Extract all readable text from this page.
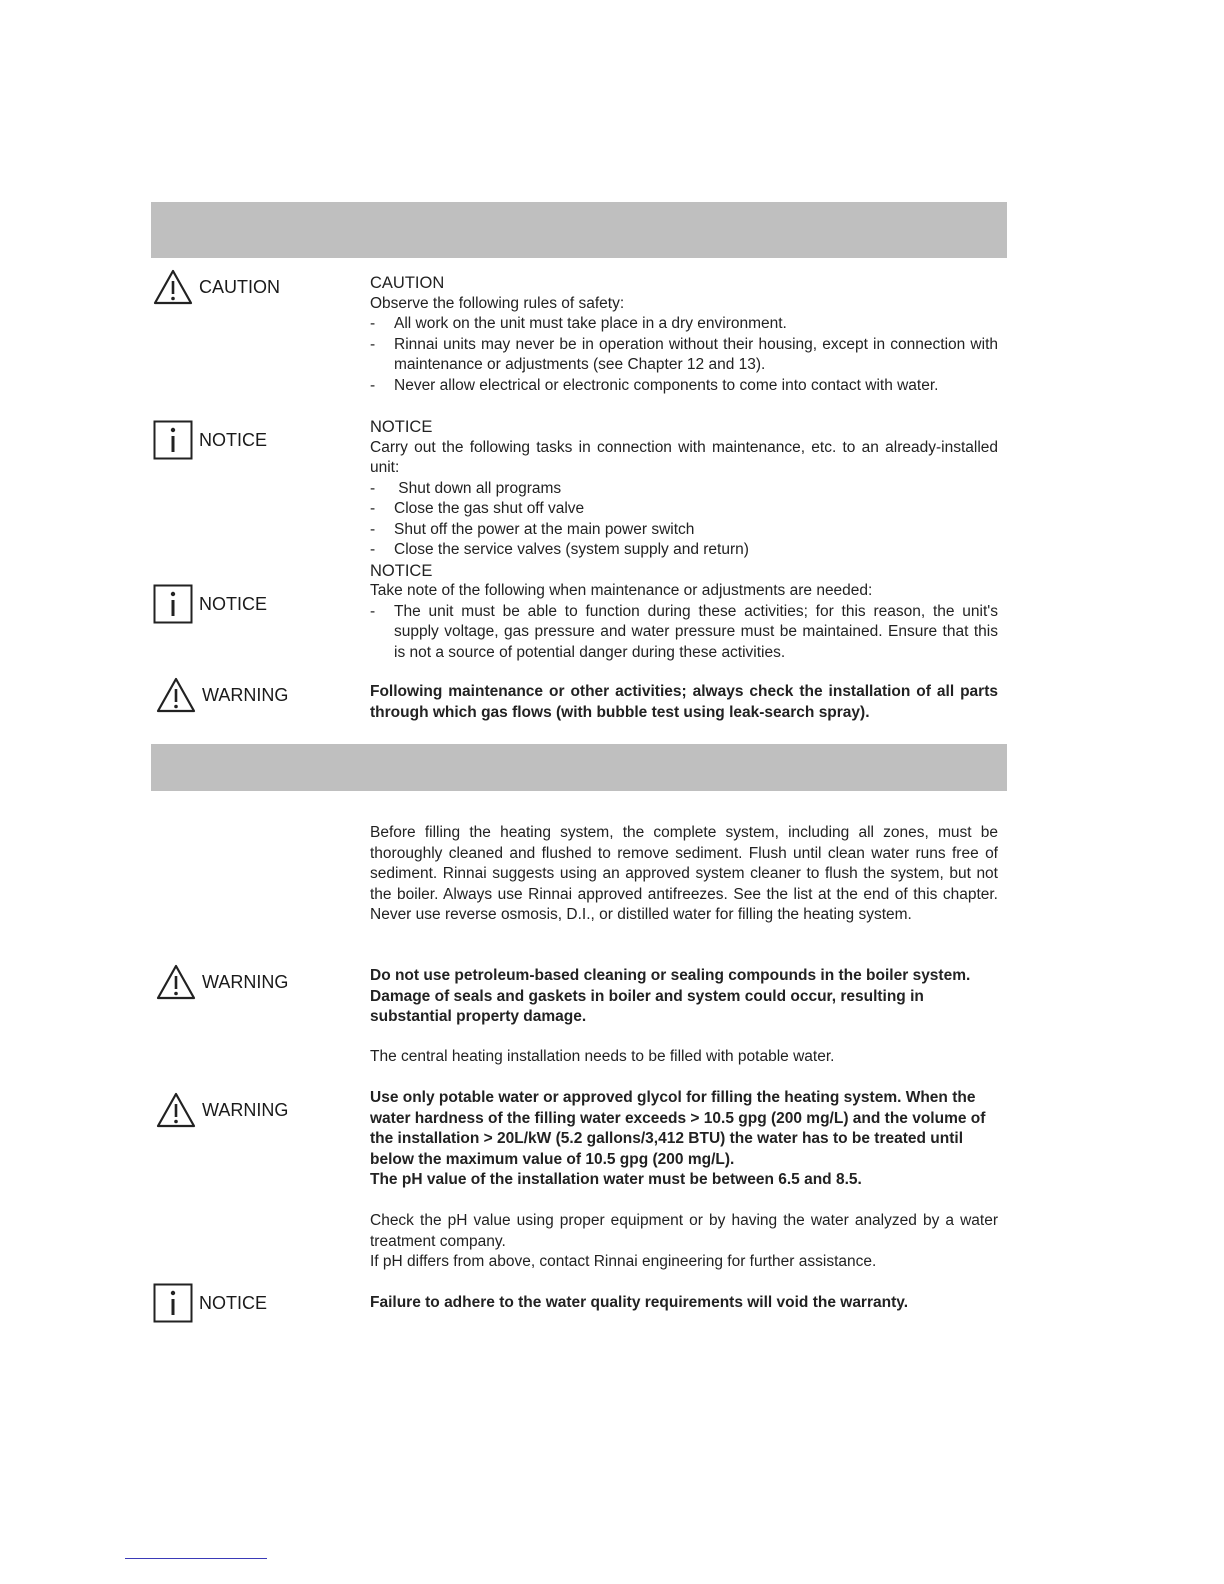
CAUTION
NOTICE
NOTICE
WARNING

CAUTION

Observe the following rules of safety:

- All work on the unit must take place in a dry environment.
- Rinnai units may never be in operation without their housing, except in connection with maintenance or adjustments (see Chapter 12 and 13).
- Never allow electrical or electronic components to come into contact with water.

NOTICE

Carry out the following tasks in connection with maintenance, etc. to an already-installed unit:

- Shut down all programs
- Close the gas shut off valve
- Shut off the power at the main power switch
- Close the service valves (system supply and return)

NOTICE

Take note of the following when maintenance or adjustments are needed:

- The unit must be able to function during these activities; for this reason, the unit's supply voltage, gas pressure and water pressure must be maintained. Ensure that this is not a source of potential danger during these activities.

Following maintenance or other activities; always check the installation of all parts through which gas flows (with bubble test using leak-search spray).

WARNING
WARNING
NOTICE

Before filling the heating system, the complete system, including all zones, must be thoroughly cleaned and flushed to remove sediment. Flush until clean water runs free of sediment. Rinnai suggests using an approved system cleaner to flush the system, but not the boiler. Always use Rinnai approved antifreezes. See the list at the end of this chapter. Never use reverse osmosis, D.I., or distilled water for filling the heating system.

Do not use petroleum-based cleaning or sealing compounds in the boiler system. Damage of seals and gaskets in boiler and system could occur, resulting in substantial property damage.

The central heating installation needs to be filled with potable water.

Use only potable water or approved glycol for filling the heating system. When the water hardness of the filling water exceeds > 10.5 gpg (200 mg/L) and the volume of the installation > 20L/kW (5.2 gallons/3,412 BTU) the water has to be treated until below the maximum value of 10.5 gpg (200 mg/L).

The pH value of the installation water must be between 6.5 and 8.5.

Check the pH value using proper equipment or by having the water analyzed by a water treatment company.

If pH differs from above, contact Rinnai engineering for further assistance.

Failure to adhere to the water quality requirements will void the warranty.
